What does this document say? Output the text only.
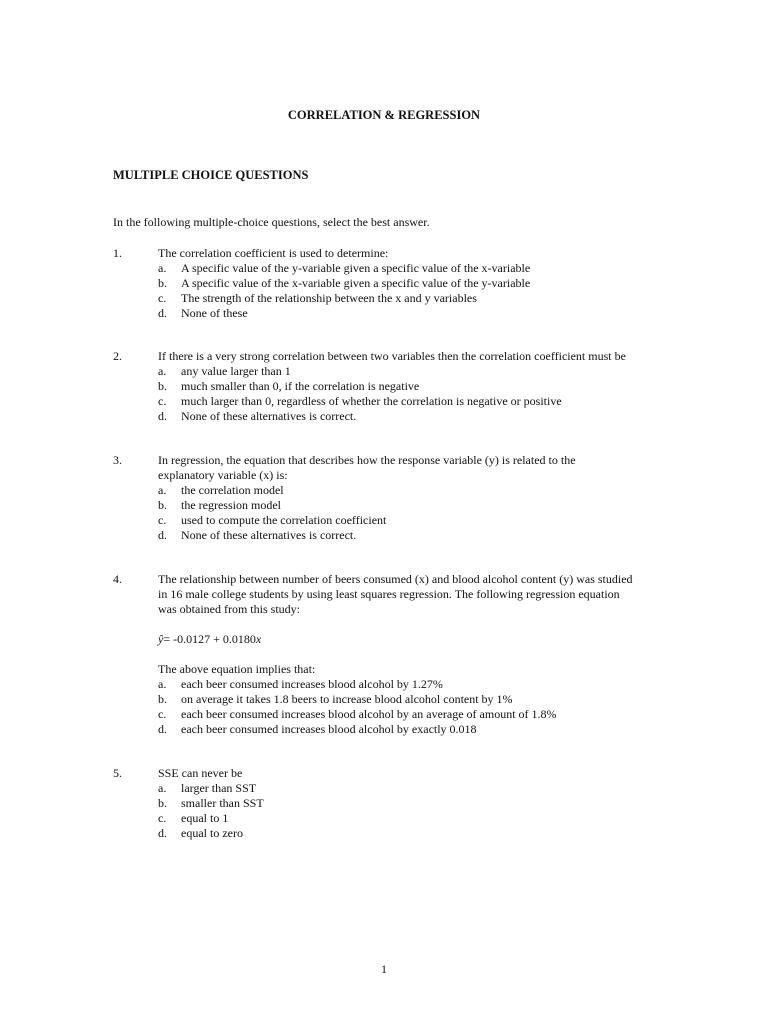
CORRELATION & REGRESSION
MULTIPLE CHOICE QUESTIONS
In the following multiple-choice questions, select the best answer.
1.	The correlation coefficient is used to determine:
a. A specific value of the y-variable given a specific value of the x-variable
b. A specific value of the x-variable given a specific value of the y-variable
c. The strength of the relationship between the x and y variables
d. None of these
2.	If there is a very strong correlation between two variables then the correlation coefficient must be
a. any value larger than 1
b. much smaller than 0, if the correlation is negative
c. much larger than 0, regardless of whether the correlation is negative or positive
d. None of these alternatives is correct.
3.	In regression, the equation that describes how the response variable (y) is related to the
explanatory variable (x) is:
a. the correlation model
b. the regression model
c. used to compute the correlation coefficient
d. None of these alternatives is correct.
4.	The relationship between number of beers consumed (x) and blood alcohol content (y) was studied
in 16 male college students by using least squares regression. The following regression equation
was obtained from this study:
ŷ= -0.0127 + 0.0180x
The above equation implies that:
a. each beer consumed increases blood alcohol by 1.27%
b. on average it takes 1.8 beers to increase blood alcohol content by 1%
c. each beer consumed increases blood alcohol by an average of amount of 1.8%
d. each beer consumed increases blood alcohol by exactly 0.018
5.	SSE can never be
a. larger than SST
b. smaller than SST
c. equal to 1
d. equal to zero
1
